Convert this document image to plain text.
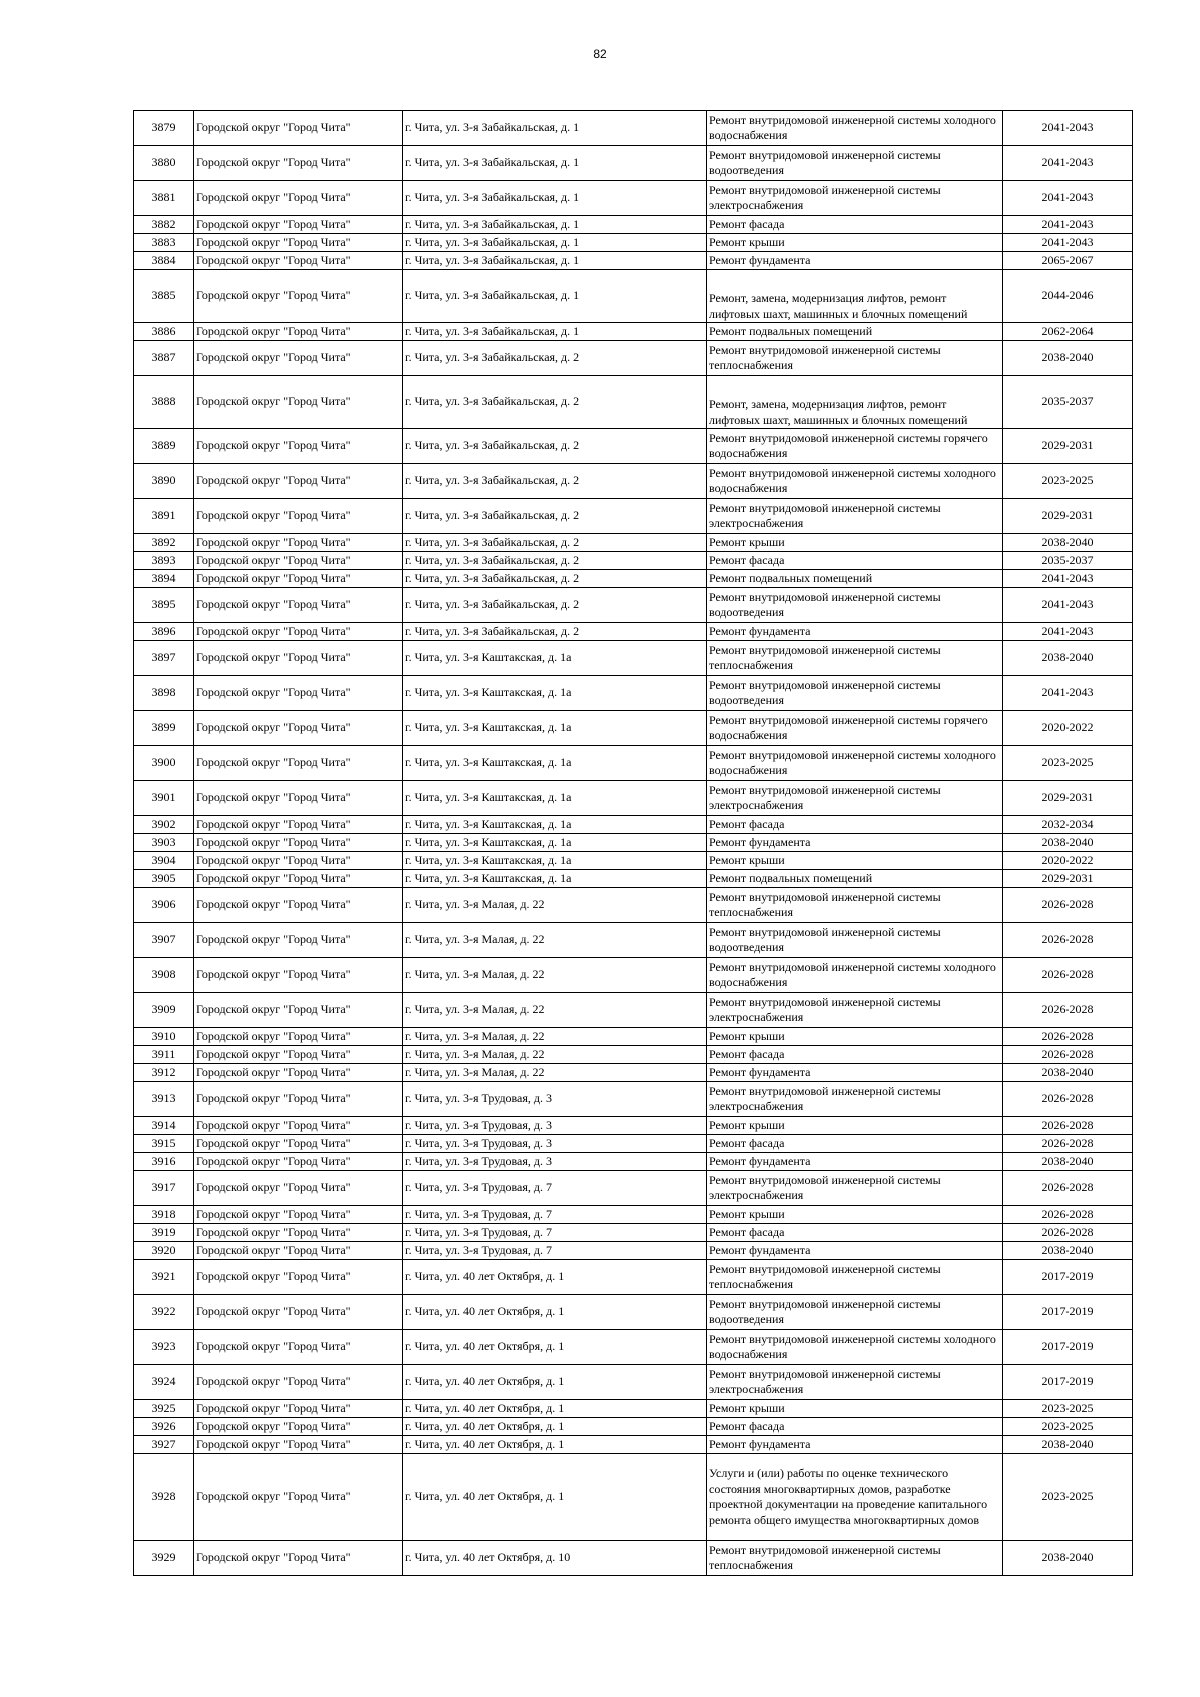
82
3879	Городской округ "Город Чита"	г. Чита, ул. 3-я Забайкальская, д. 1	Ремонт внутридомовой инженерной системы холодного водоснабжения	2041-2043
3880	Городской округ "Город Чита"	г. Чита, ул. 3-я Забайкальская, д. 1	Ремонт внутридомовой инженерной системы водоотведения	2041-2043
3881	Городской округ "Город Чита"	г. Чита, ул. 3-я Забайкальская, д. 1	Ремонт внутридомовой инженерной системы электроснабжения	2041-2043
3882	Городской округ "Город Чита"	г. Чита, ул. 3-я Забайкальская, д. 1	Ремонт фасада	2041-2043
3883	Городской округ "Город Чита"	г. Чита, ул. 3-я Забайкальская, д. 1	Ремонт крыши	2041-2043
3884	Городской округ "Город Чита"	г. Чита, ул. 3-я Забайкальская, д. 1	Ремонт фундамента	2065-2067
3885	Городской округ "Город Чита"	г. Чита, ул. 3-я Забайкальская, д. 1	Ремонт, замена, модернизация лифтов, ремонт лифтовых шахт, машинных и блочных помещений	2044-2046
3886	Городской округ "Город Чита"	г. Чита, ул. 3-я Забайкальская, д. 1	Ремонт подвальных помещений	2062-2064
3887	Городской округ "Город Чита"	г. Чита, ул. 3-я Забайкальская, д. 2	Ремонт внутридомовой инженерной системы теплоснабжения	2038-2040
3888	Городской округ "Город Чита"	г. Чита, ул. 3-я Забайкальская, д. 2	Ремонт, замена, модернизация лифтов, ремонт лифтовых шахт, машинных и блочных помещений	2035-2037
3889	Городской округ "Город Чита"	г. Чита, ул. 3-я Забайкальская, д. 2	Ремонт внутридомовой инженерной системы горячего водоснабжения	2029-2031
3890	Городской округ "Город Чита"	г. Чита, ул. 3-я Забайкальская, д. 2	Ремонт внутридомовой инженерной системы холодного водоснабжения	2023-2025
3891	Городской округ "Город Чита"	г. Чита, ул. 3-я Забайкальская, д. 2	Ремонт внутридомовой инженерной системы электроснабжения	2029-2031
3892	Городской округ "Город Чита"	г. Чита, ул. 3-я Забайкальская, д. 2	Ремонт крыши	2038-2040
3893	Городской округ "Город Чита"	г. Чита, ул. 3-я Забайкальская, д. 2	Ремонт фасада	2035-2037
3894	Городской округ "Город Чита"	г. Чита, ул. 3-я Забайкальская, д. 2	Ремонт подвальных помещений	2041-2043
3895	Городской округ "Город Чита"	г. Чита, ул. 3-я Забайкальская, д. 2	Ремонт внутридомовой инженерной системы водоотведения	2041-2043
3896	Городской округ "Город Чита"	г. Чита, ул. 3-я Забайкальская, д. 2	Ремонт фундамента	2041-2043
3897	Городской округ "Город Чита"	г. Чита, ул. 3-я Каштакская, д. 1а	Ремонт внутридомовой инженерной системы теплоснабжения	2038-2040
3898	Городской округ "Город Чита"	г. Чита, ул. 3-я Каштакская, д. 1а	Ремонт внутридомовой инженерной системы водоотведения	2041-2043
3899	Городской округ "Город Чита"	г. Чита, ул. 3-я Каштакская, д. 1а	Ремонт внутридомовой инженерной системы горячего водоснабжения	2020-2022
3900	Городской округ "Город Чита"	г. Чита, ул. 3-я Каштакская, д. 1а	Ремонт внутридомовой инженерной системы холодного водоснабжения	2023-2025
3901	Городской округ "Город Чита"	г. Чита, ул. 3-я Каштакская, д. 1а	Ремонт внутридомовой инженерной системы электроснабжения	2029-2031
3902	Городской округ "Город Чита"	г. Чита, ул. 3-я Каштакская, д. 1а	Ремонт фасада	2032-2034
3903	Городской округ "Город Чита"	г. Чита, ул. 3-я Каштакская, д. 1а	Ремонт фундамента	2038-2040
3904	Городской округ "Город Чита"	г. Чита, ул. 3-я Каштакская, д. 1а	Ремонт крыши	2020-2022
3905	Городской округ "Город Чита"	г. Чита, ул. 3-я Каштакская, д. 1а	Ремонт подвальных помещений	2029-2031
3906	Городской округ "Город Чита"	г. Чита, ул. 3-я Малая, д. 22	Ремонт внутридомовой инженерной системы теплоснабжения	2026-2028
3907	Городской округ "Город Чита"	г. Чита, ул. 3-я Малая, д. 22	Ремонт внутридомовой инженерной системы водоотведения	2026-2028
3908	Городской округ "Город Чита"	г. Чита, ул. 3-я Малая, д. 22	Ремонт внутридомовой инженерной системы холодного водоснабжения	2026-2028
3909	Городской округ "Город Чита"	г. Чита, ул. 3-я Малая, д. 22	Ремонт внутридомовой инженерной системы электроснабжения	2026-2028
3910	Городской округ "Город Чита"	г. Чита, ул. 3-я Малая, д. 22	Ремонт крыши	2026-2028
3911	Городской округ "Город Чита"	г. Чита, ул. 3-я Малая, д. 22	Ремонт фасада	2026-2028
3912	Городской округ "Город Чита"	г. Чита, ул. 3-я Малая, д. 22	Ремонт фундамента	2038-2040
3913	Городской округ "Город Чита"	г. Чита, ул. 3-я Трудовая, д. 3	Ремонт внутридомовой инженерной системы электроснабжения	2026-2028
3914	Городской округ "Город Чита"	г. Чита, ул. 3-я Трудовая, д. 3	Ремонт крыши	2026-2028
3915	Городской округ "Город Чита"	г. Чита, ул. 3-я Трудовая, д. 3	Ремонт фасада	2026-2028
3916	Городской округ "Город Чита"	г. Чита, ул. 3-я Трудовая, д. 3	Ремонт фундамента	2038-2040
3917	Городской округ "Город Чита"	г. Чита, ул. 3-я Трудовая, д. 7	Ремонт внутридомовой инженерной системы электроснабжения	2026-2028
3918	Городской округ "Город Чита"	г. Чита, ул. 3-я Трудовая, д. 7	Ремонт крыши	2026-2028
3919	Городской округ "Город Чита"	г. Чита, ул. 3-я Трудовая, д. 7	Ремонт фасада	2026-2028
3920	Городской округ "Город Чита"	г. Чита, ул. 3-я Трудовая, д. 7	Ремонт фундамента	2038-2040
3921	Городской округ "Город Чита"	г. Чита, ул. 40 лет Октября, д. 1	Ремонт внутридомовой инженерной системы теплоснабжения	2017-2019
3922	Городской округ "Город Чита"	г. Чита, ул. 40 лет Октября, д. 1	Ремонт внутридомовой инженерной системы водоотведения	2017-2019
3923	Городской округ "Город Чита"	г. Чита, ул. 40 лет Октября, д. 1	Ремонт внутридомовой инженерной системы холодного водоснабжения	2017-2019
3924	Городской округ "Город Чита"	г. Чита, ул. 40 лет Октября, д. 1	Ремонт внутридомовой инженерной системы электроснабжения	2017-2019
3925	Городской округ "Город Чита"	г. Чита, ул. 40 лет Октября, д. 1	Ремонт крыши	2023-2025
3926	Городской округ "Город Чита"	г. Чита, ул. 40 лет Октября, д. 1	Ремонт фасада	2023-2025
3927	Городской округ "Город Чита"	г. Чита, ул. 40 лет Октября, д. 1	Ремонт фундамента	2038-2040
3928	Городской округ "Город Чита"	г. Чита, ул. 40 лет Октября, д. 1	Услуги и (или) работы по оценке технического состояния многоквартирных домов, разработке проектной документации на проведение капитального ремонта общего имущества многоквартирных домов	2023-2025
3929	Городской округ "Город Чита"	г. Чита, ул. 40 лет Октября, д. 10	Ремонт внутридомовой инженерной системы теплоснабжения	2038-2040
